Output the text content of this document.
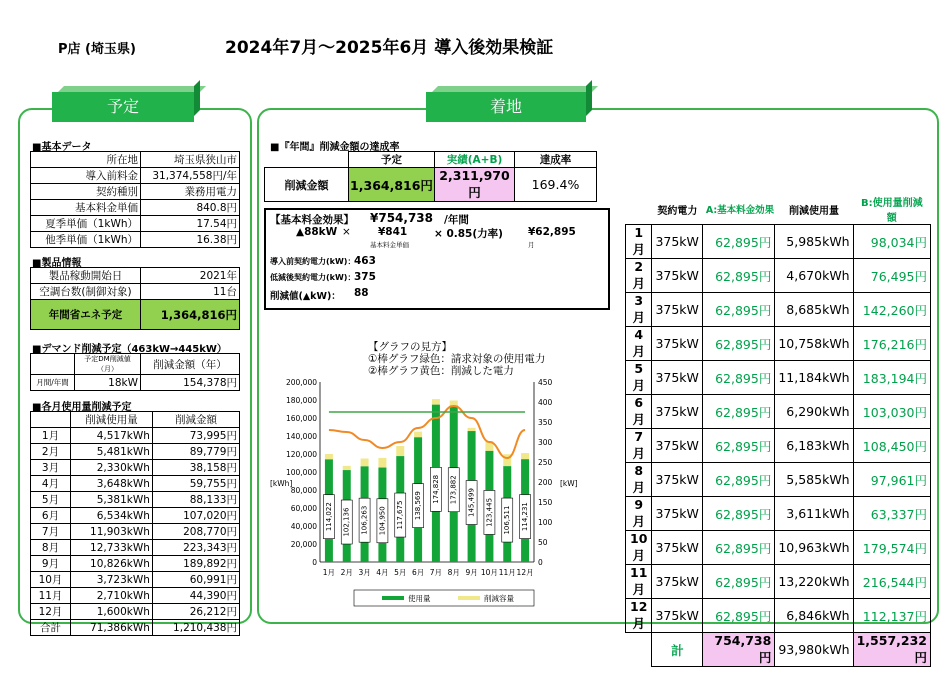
P店 (埼玉県)	2024年7月～2025年6月 導入後効果検証
予定
■基本データ
所在地	埼玉県狭山市
導入前料金	31,374,558円/年
契約種別	業務用電力
基本料金単価	840.8円
夏季単価（1kWh）	17.54円
他季単価（1kWh）	16.38円
■製品情報
製品稼動開始日	2021年
空調台数(制御対象)	11台
年間省エネ予定	1,364,816円
■デマンド削減予定（463kW→445kW）
	予定DM削減値（月）	削減金額（年）
月間/年間	18kW	154,378円
■各月使用量削減予定
	削減使用量	削減金額
1月	4,517kWh	73,995円
2月	5,481kWh	89,779円
3月	2,330kWh	38,158円
4月	3,648kWh	59,755円
5月	5,381kWh	88,133円
6月	6,534kWh	107,020円
7月	11,903kWh	208,770円
8月	12,733kWh	223,343円
9月	10,826kWh	189,892円
10月	3,723kWh	60,991円
11月	2,710kWh	44,390円
12月	1,600kWh	26,212円
合計	71,386kWh	1,210,438円
着地
■『年間』削減金額の達成率
	予定	実績(A+B)	達成率
削減金額	1,364,816円	2,311,970円	169.4%
【基本料金効果】 ¥754,738 /年間
▲88kW ×	¥841
基本料金単価
× 0.85(力率) ¥62,895
月
導入前契約電力(kW)：
463
低減後契約電力(kW)：
375
削減値(▲kW)： 88
【グラフの見方】
①棒グラフ緑色：請求対象の使用電力
②棒グラフ黄色：削減した電力
0
20,000
40,000
60,000
80,000
100,000
120,000
140,000
160,000
180,000
200,000
0
50
100
150
200
250
300
350
400
450
[kWh]	[kW]
114,022
1月
102,136
2月
106,263
3月
104,950
4月
117,675
5月
138,569
6月
174,828
7月
173,882
8月
145,499
9月
123,445
10月
106,511
11月
114,231
12月
使用量	削減容量
	契約電力	A:基本料金効果	削減使用量	B:使用量削減額
1月	375kW	62,895円	5,985kWh	98,034円
2月	375kW	62,895円	4,670kWh	76,495円
3月	375kW	62,895円	8,685kWh	142,260円
4月	375kW	62,895円	10,758kWh	176,216円
5月	375kW	62,895円	11,184kWh	183,194円
6月	375kW	62,895円	6,290kWh	103,030円
7月	375kW	62,895円	6,183kWh	108,450円
8月	375kW	62,895円	5,585kWh	97,961円
9月	375kW	62,895円	3,611kWh	63,337円
10月	375kW	62,895円	10,963kWh	179,574円
11月	375kW	62,895円	13,220kWh	216,544円
12月	375kW	62,895円	6,846kWh	112,137円
	計	754,738円	93,980kWh	1,557,232円
